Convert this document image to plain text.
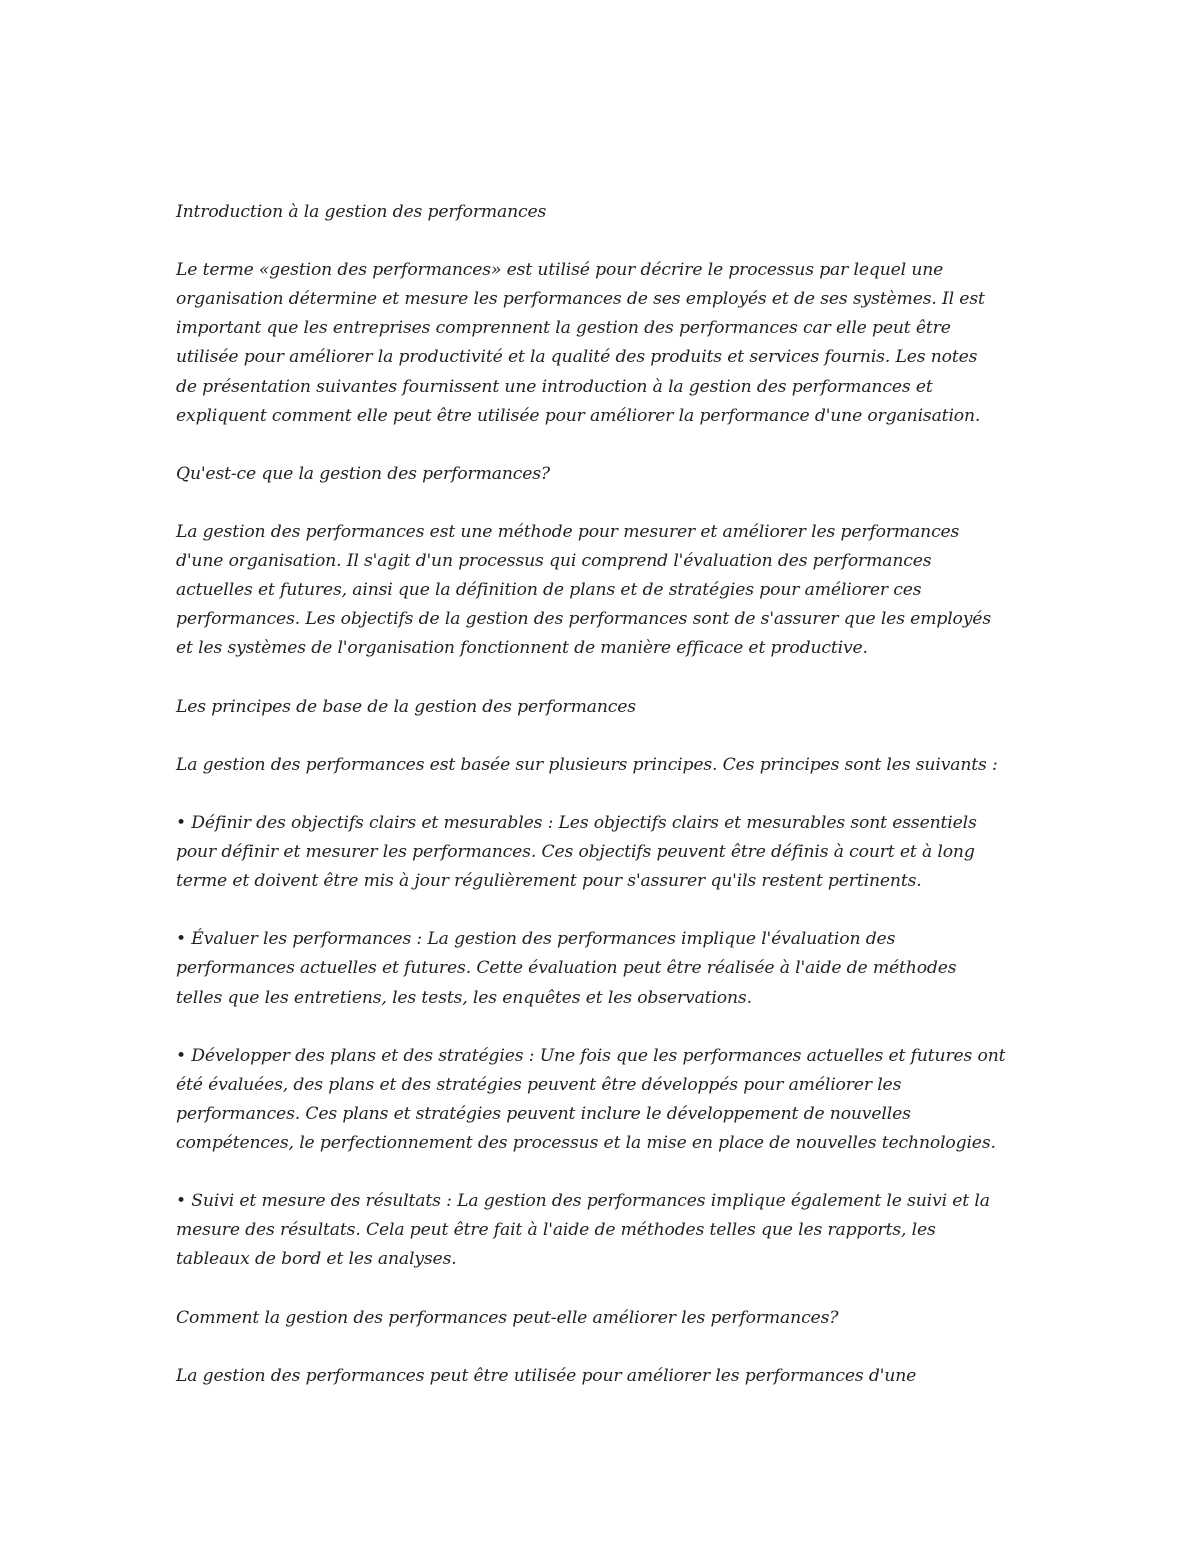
Introduction à la gestion des performances
Le terme «gestion des performances» est utilisé pour décrire le processus par lequel une
organisation détermine et mesure les performances de ses employés et de ses systèmes. Il est
important que les entreprises comprennent la gestion des performances car elle peut être
utilisée pour améliorer la productivité et la qualité des produits et services fournis. Les notes
de présentation suivantes fournissent une introduction à la gestion des performances et
expliquent comment elle peut être utilisée pour améliorer la performance d'une organisation.
Qu'est-ce que la gestion des performances?
La gestion des performances est une méthode pour mesurer et améliorer les performances
d'une organisation. Il s'agit d'un processus qui comprend l'évaluation des performances
actuelles et futures, ainsi que la définition de plans et de stratégies pour améliorer ces
performances. Les objectifs de la gestion des performances sont de s'assurer que les employés
et les systèmes de l'organisation fonctionnent de manière efficace et productive.
Les principes de base de la gestion des performances
La gestion des performances est basée sur plusieurs principes. Ces principes sont les suivants :
• Définir des objectifs clairs et mesurables : Les objectifs clairs et mesurables sont essentiels
pour définir et mesurer les performances. Ces objectifs peuvent être définis à court et à long
terme et doivent être mis à jour régulièrement pour s'assurer qu'ils restent pertinents.
• Évaluer les performances : La gestion des performances implique l'évaluation des
performances actuelles et futures. Cette évaluation peut être réalisée à l'aide de méthodes
telles que les entretiens, les tests, les enquêtes et les observations.
• Développer des plans et des stratégies : Une fois que les performances actuelles et futures ont
été évaluées, des plans et des stratégies peuvent être développés pour améliorer les
performances. Ces plans et stratégies peuvent inclure le développement de nouvelles
compétences, le perfectionnement des processus et la mise en place de nouvelles technologies.
• Suivi et mesure des résultats : La gestion des performances implique également le suivi et la
mesure des résultats. Cela peut être fait à l'aide de méthodes telles que les rapports, les
tableaux de bord et les analyses.
Comment la gestion des performances peut-elle améliorer les performances?
La gestion des performances peut être utilisée pour améliorer les performances d'une
